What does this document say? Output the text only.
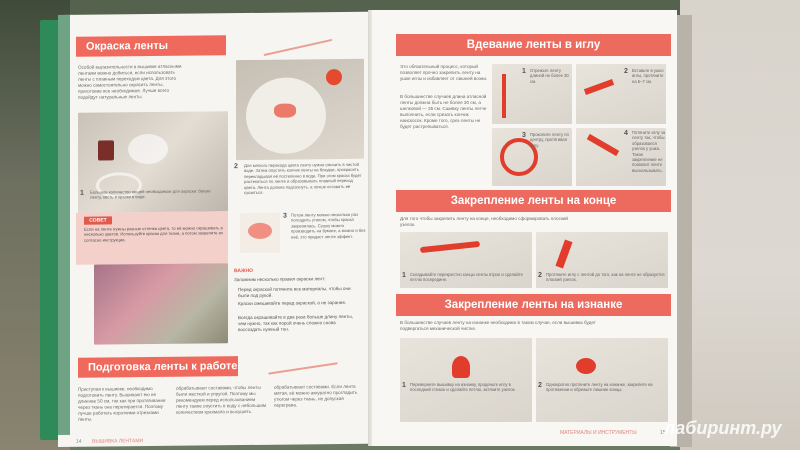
Окраска ленты
Особой выразительности в вышивке атласными лентами можно добиться, если использовать ленты с плавным переходом цвета. Для этого можно самостоятельно окрасить ленты, приготовив все необходимое. Лучше всего подойдут натуральные ленты.
1 Большое количество вещей необходимое для окраски: белую ленту, кисть и краски в воде.
2 Для мягкого перехода цвета ленту нужно смочить в чистой воде. Затем опустить кончик ленты на блюдце, прокрасить перекладывая её постепенно в воде. При этом краска будет растекаться по ленте и образовывать плавный переход цвета. Лента должна подсохнуть, а лучше оставить её сушиться.
СОВЕТ
Если на ленте нужны разные оттенки цвета, то её можно окрашивать в несколько цветов. Используйте краски для ткани, а потом закрепите их согласно инструкции.
3 Потом ленту можно несколько раз погладить утюгом, чтобы краска закрепилась. Сушку можно производить на бумаге, а можно и без неё, это придаст ленте эффект.
ВАЖНО
Запомним несколько правил окраски лент:
Перед окраской потяните все материалы, чтобы они были под рукой.
Краски смешивайте перед окраской, а не заранее.
Всегда окрашивайте в два раза больше длину ленты, чем нужно, так как порой очень сложно снова воссоздать нужный тон.
Подготовка ленты к работе
Приступая к вышивке, необходимо подготовить ленту. Вышивают ею не длиннее 50 см, так как при протягивании через ткань она перетирается. Поэтому лучше работать короткими отрезками ленты.
обрабатывают составами, чтобы ленты были жесткой и упругой. Поэтому мы рекомендуем перед использованием ленту также опустить в воду с небольшим количеством крахмала и высушить.
обрабатывают составами. Если лента мятая, её можно аккуратно прогладить утюгом через ткань, не допуская перегрева.
14 ВЫШИВКА ЛЕНТАМИ
Вдевание ленты в иглу
Это обязательный процесс, который позволяет прочно закрепить ленту на ушке иглы и избавляет от лишней возни.
В большинстве случаев длина атласной ленты должна быть не более 30 см, а шелковой — 35 см. Сшивку ленты легче выполнить, если срезать кончик наискосок. Кроме того, срез ленты не будет растрепываться.
1 Отрежьте ленту длиной не более 30 см.
2 Вставьте в ушко иглы, протяните на 5–7 см.
3 Проколите ленту по центру, протягивая иглу.
4 Потяните иглу за ленту так, чтобы образовался узелок у ушка. Такое закрепление не позволит ленте выскальзывать.
Закрепление ленты на конце
Для того чтобы закрепить ленту на конце, необходимо сформировать плоский узелок.
1 Складывайте перекрестно концы ленты втрое и сделайте петлю посередине.
2 Протяните иглу с лентой до того, как на ленте не образуется плоский узелок.
Закрепление ленты на изнанке
В большинстве случаев ленту на изнанке необходимо в таком случае, если вышивка будет подвергаться механической чистке.
1 Переверните вышивку на изнанку, проденьте иглу в последний стежок и сделайте петлю, затяните узелок.
2 Однократно протяните ленту на изнанке, закрепите на протяжении и обрежьте лишние концы.
МАТЕРИАЛЫ И ИНСТРУМЕНТЫ	15
лабиринт.ру
